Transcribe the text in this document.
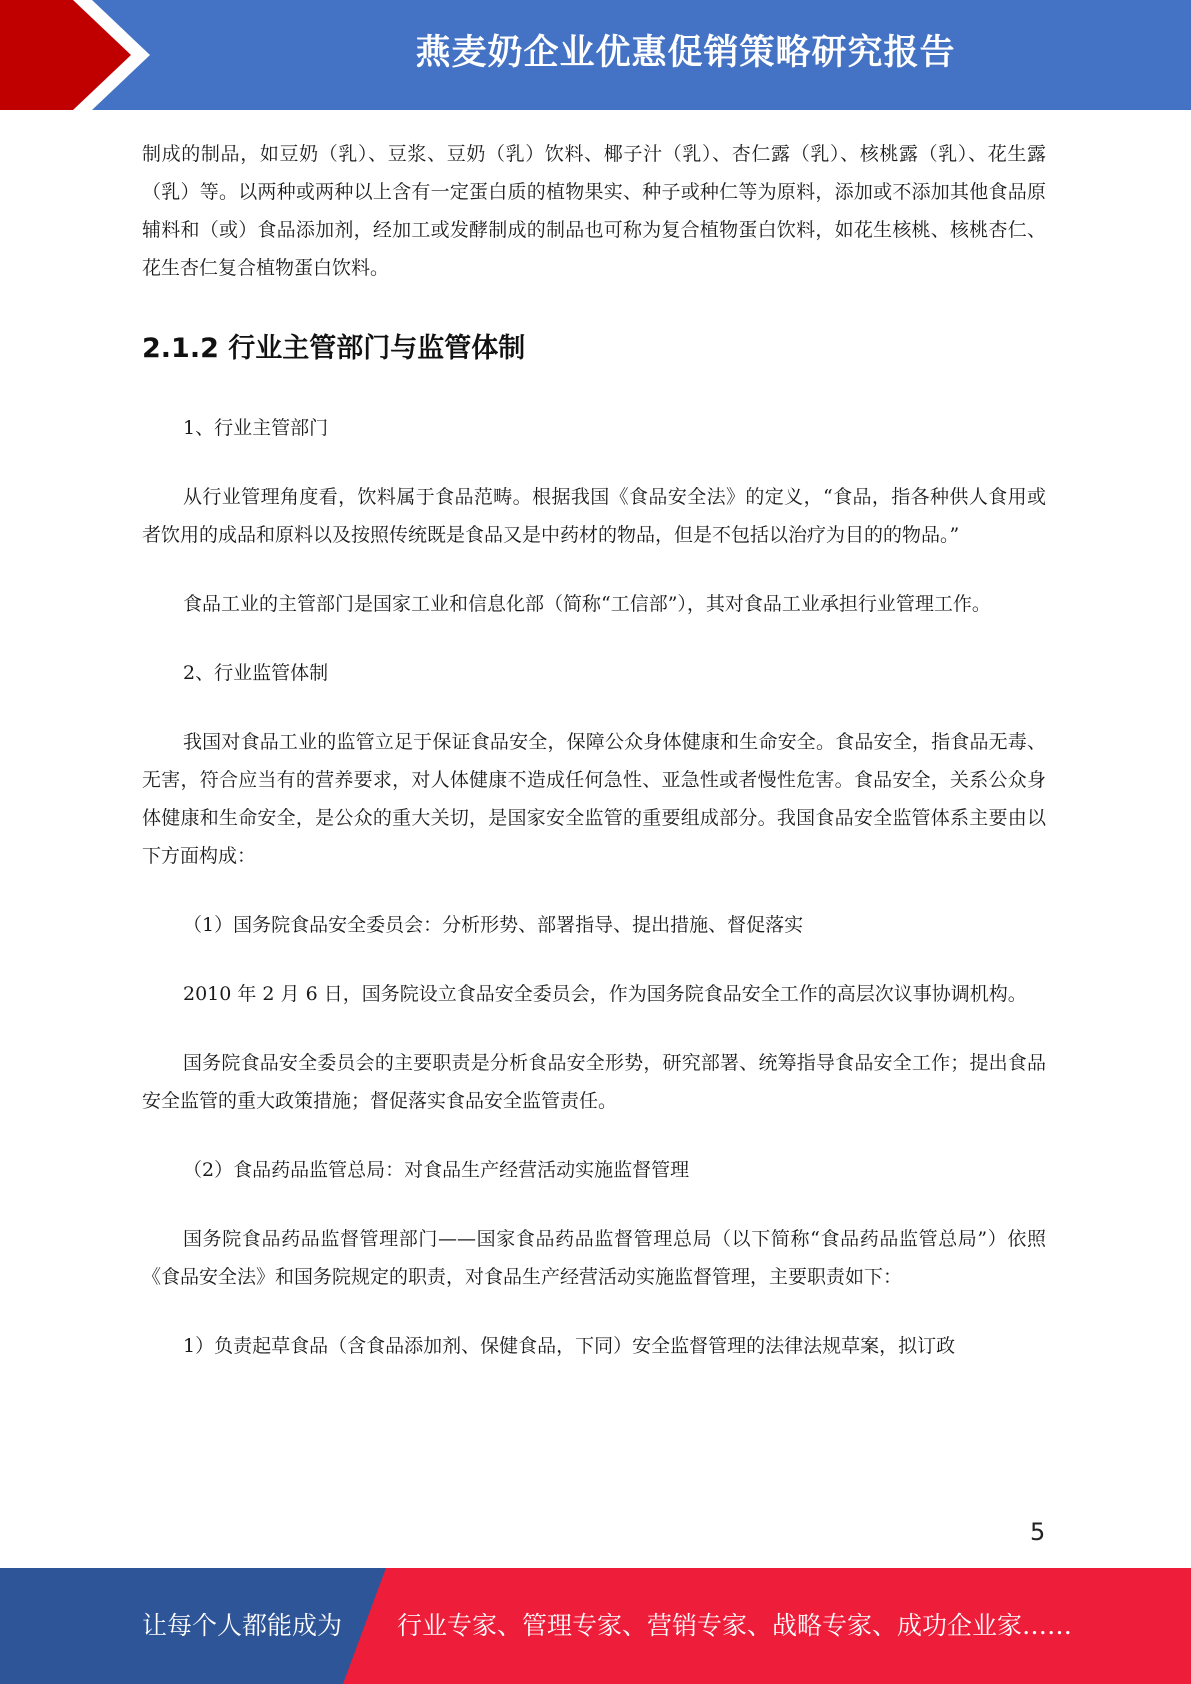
燕麦奶企业优惠促销策略研究报告

制成的制品，如豆奶（乳）、豆浆、豆奶（乳）饮料、椰子汁（乳）、杏仁露（乳）、核桃露（乳）、花生露（乳）等。以两种或两种以上含有一定蛋白质的植物果实、种子或种仁等为原料，添加或不添加其他食品原辅料和（或）食品添加剂，经加工或发酵制成的制品也可称为复合植物蛋白饮料，如花生核桃、核桃杏仁、花生杏仁复合植物蛋白饮料。

2.1.2 行业主管部门与监管体制

1、行业主管部门

从行业管理角度看，饮料属于食品范畴。根据我国《食品安全法》的定义，“食品，指各种供人食用或者饮用的成品和原料以及按照传统既是食品又是中药材的物品，但是不包括以治疗为目的的物品。”

食品工业的主管部门是国家工业和信息化部（简称“工信部”），其对食品工业承担行业管理工作。

2、行业监管体制

我国对食品工业的监管立足于保证食品安全，保障公众身体健康和生命安全。食品安全，指食品无毒、无害，符合应当有的营养要求，对人体健康不造成任何急性、亚急性或者慢性危害。食品安全，关系公众身体健康和生命安全，是公众的重大关切，是国家安全监管的重要组成部分。我国食品安全监管体系主要由以下方面构成：

（1）国务院食品安全委员会：分析形势、部署指导、提出措施、督促落实

2010 年 2 月 6 日，国务院设立食品安全委员会，作为国务院食品安全工作的高层次议事协调机构。

国务院食品安全委员会的主要职责是分析食品安全形势，研究部署、统筹指导食品安全工作；提出食品安全监管的重大政策措施；督促落实食品安全监管责任。

（2）食品药品监管总局：对食品生产经营活动实施监督管理

国务院食品药品监督管理部门——国家食品药品监督管理总局（以下简称“食品药品监管总局”）依照《食品安全法》和国务院规定的职责，对食品生产经营活动实施监督管理，主要职责如下：

1）负责起草食品（含食品添加剂、保健食品，下同）安全监督管理的法律法规草案，拟订政

5
让每个人都能成为 行业专家、管理专家、营销专家、战略专家、成功企业家……
